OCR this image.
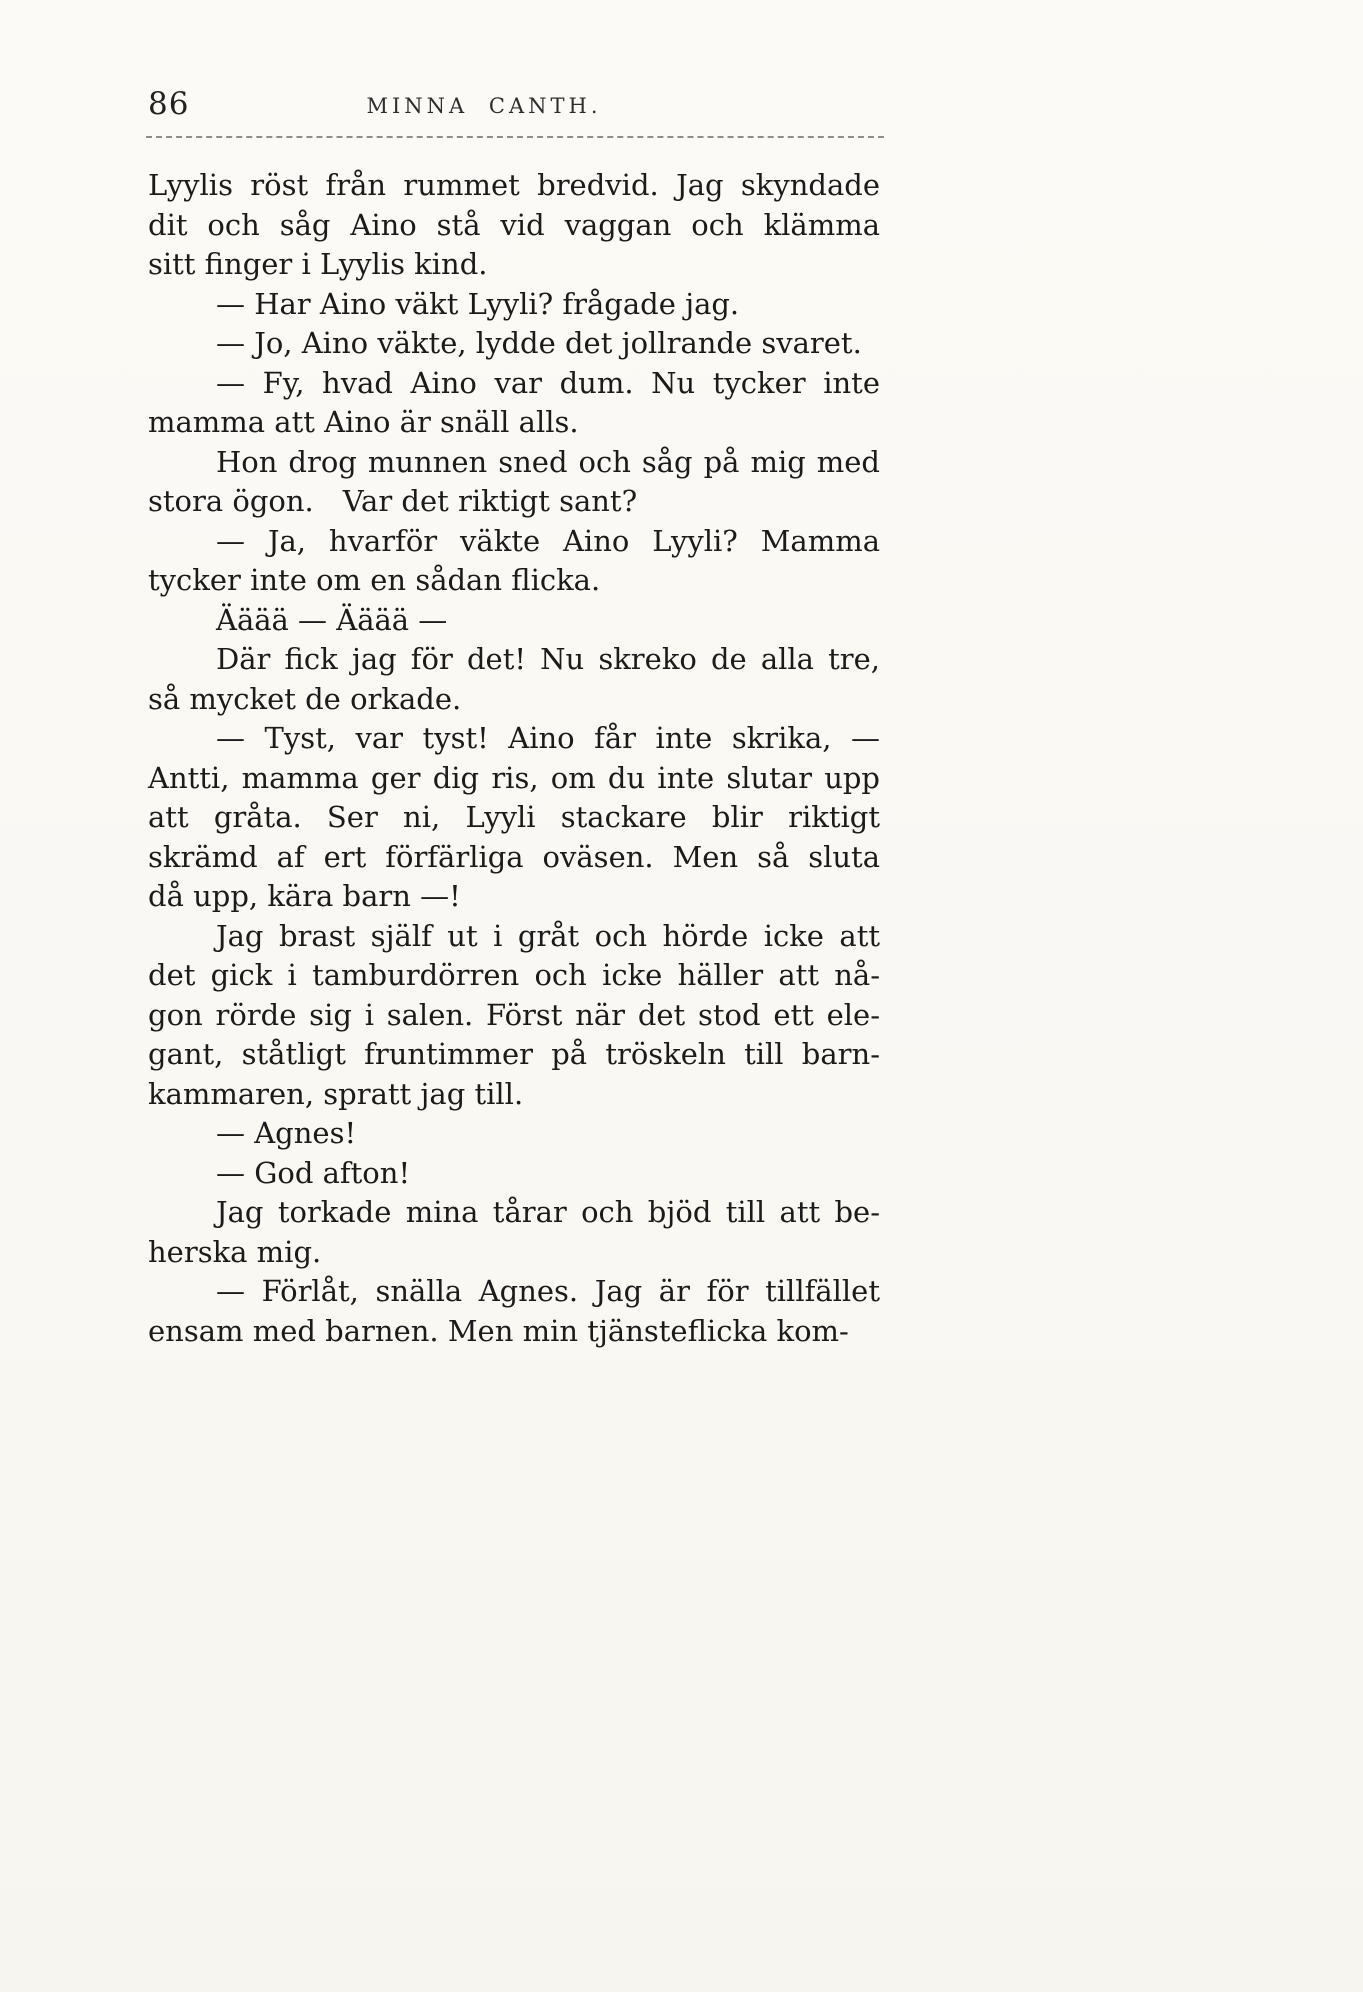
86	MINNA CANTH.
Lyylis röst från rummet bredvid. Jag skyndade
dit och såg Aino stå vid vaggan och klämma
sitt finger i Lyylis kind.
— Har Aino väkt Lyyli? frågade jag.
— Jo, Aino väkte, lydde det jollrande svaret.
— Fy, hvad Aino var dum. Nu tycker inte
mamma att Aino är snäll alls.
Hon drog munnen sned och såg på mig med
stora ögon. Var det riktigt sant?
— Ja, hvarför väkte Aino Lyyli? Mamma
tycker inte om en sådan flicka.
Ääää — Ääää —
Där fick jag för det! Nu skreko de alla tre,
så mycket de orkade.
— Tyst, var tyst! Aino får inte skrika, —
Antti, mamma ger dig ris, om du inte slutar upp
att gråta. Ser ni, Lyyli stackare blir riktigt
skrämd af ert förfärliga oväsen. Men så sluta
då upp, kära barn —!
Jag brast själf ut i gråt och hörde icke att
det gick i tamburdörren och icke häller att nå-
gon rörde sig i salen. Först när det stod ett ele-
gant, ståtligt fruntimmer på tröskeln till barn-
kammaren, spratt jag till.
— Agnes!
— God afton!
Jag torkade mina tårar och bjöd till att be-
herska mig.
— Förlåt, snälla Agnes. Jag är för tillfället
ensam med barnen. Men min tjänsteflicka kom-
